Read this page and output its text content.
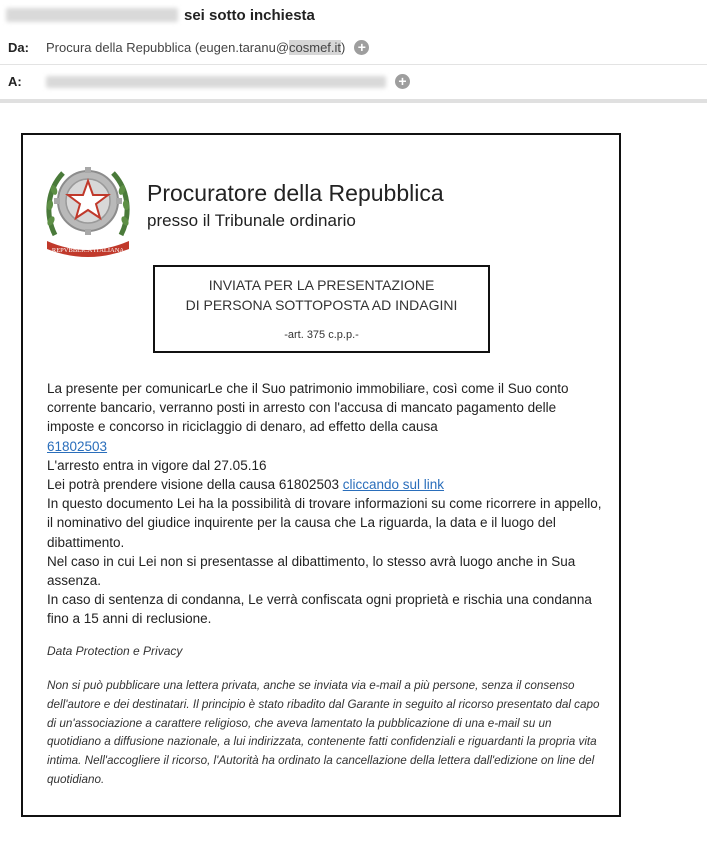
sei sotto inchiesta
Da:	Procura della Repubblica (eugen.taranu@cosmef.it) +
A:	+
REPVBBLICA ITALIANA
Procuratore della Repubblica
presso il Tribunale ordinario
INVIATA PER LA PRESENTAZIONE
DI PERSONA SOTTOPOSTA AD INDAGINI
-art. 375 c.p.p.-

La presente per comunicarLe che il Suo patrimonio immobiliare, così come il Suo conto corrente bancario, verranno posti in arresto con l'accusa di mancato pagamento delle imposte e concorso in riciclaggio di denaro, ad effetto della causa

61802503

L'arresto entra in vigore dal 27.05.16

Lei potrà prendere visione della causa 61802503 cliccando sul link

In questo documento Lei ha la possibilità di trovare informazioni su come ricorrere in appello, il nominativo del giudice inquirente per la causa che La riguarda, la data e il luogo del dibattimento.

Nel caso in cui Lei non si presentasse al dibattimento, lo stesso avrà luogo anche in Sua assenza.

In caso di sentenza di condanna, Le verrà confiscata ogni proprietà e rischia una condanna fino a 15 anni di reclusione.

Data Protection e Privacy
Non si può pubblicare una lettera privata, anche se inviata via e-mail a più persone, senza il consenso dell'autore e dei destinatari. Il principio è stato ribadito dal Garante in seguito al ricorso presentato dal capo di un'associazione a carattere religioso, che aveva lamentato la pubblicazione di una e-mail su un quotidiano a diffusione nazionale, a lui indirizzata, contenente fatti confidenziali e riguardanti la propria vita intima. Nell'accogliere il ricorso, l'Autorità ha ordinato la cancellazione della lettera dall'edizione on line del quotidiano.
